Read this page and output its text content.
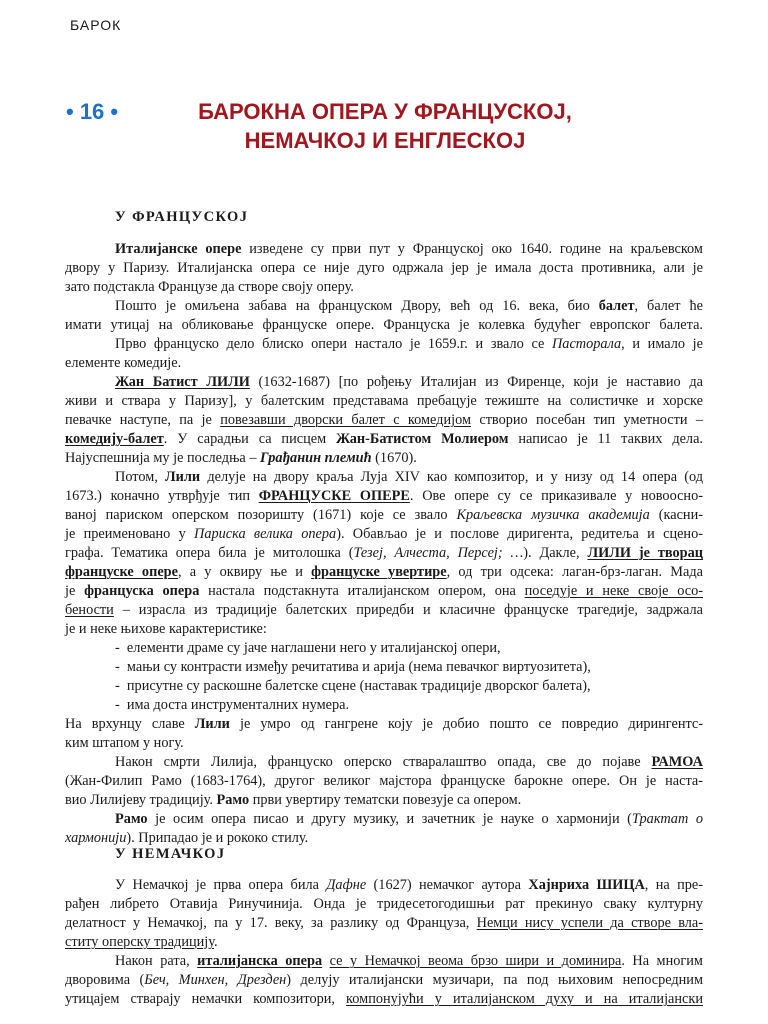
БАРОК
• 16 •	БАРОКНА ОПЕРА У ФРАНЦУСКОЈ,
НЕМАЧКОЈ И ЕНГЛЕСКОЈ
У ФРАНЦУСКОЈ
Италијанске опере изведене су први пут у Француској око 1640. године на краљевском
двору у Паризу. Италијанска опера се није дуго одржала јер је имала доста противника, али је
зато подстакла Французе да створе своју оперу.
Пошто је омиљена забава на француском Двору, већ од 16. века, био балет, балет ће
имати утицај на обликовање француске опере. Француска је колевка будућег европског балета.
Прво француско дело блиско опери настало је 1659.г. и звало се Пасторала, и имало је
елементе комедије.
Жан Батист ЛИЛИ (1632-1687) [по рођењу Италијан из Фиренце, који је наставио да
живи и ствара у Паризу], у балетским представама пребацује тежиште на солистичке и хорске
певачке наступе, па је повезавши дворски балет с комедијом створио посебан тип уметности –
комедију-балет. У сарадњи са писцем Жан-Батистом Молиером написао је 11 таквих дела.
Најуспешнија му је последња – Грађанин племић (1670).
Потом, Лили делује на двору краља Луја XIV као композитор, и у низу од 14 опера (од
1673.) коначно утврђује тип ФРАНЦУСКЕ ОПЕРЕ. Ове опере су се приказивале у новооснo-
ваној париском оперском позоришту (1671) које се звало Краљевска музичка академија (касни-
је преименовано у Париска велика опера). Обављао је и послове диригента, редитеља и сцено-
графа. Тематика опера била је митолошка (Тезеј, Алчеста, Персеј; …). Дакле, ЛИЛИ је творац
француске опере, а у оквиру ње и француске увертире, од три одсека: лаган-брз-лаган. Мада
је француска опера настала подстакнута италијанском опером, она поседује и неке своје осо-
бености – израсла из традиције балетских приредби и класичне француске трагедије, задржала
је и неке њихове карактеристике:
-  елементи драме су јаче наглашени него у италијанској опери,
-  мањи су контрасти између речитатива и арија (нема певачког виртуозитета),
-  присутне су раскошне балетске сцене (наставак традиције дворског балета),
-  има доста инструменталних нумера.
На врхунцу славе Лили је умро од гангрене коју је добио пошто се повредио дирингентс-
ким штапом у ногу.
Након смрти Лилија, француско оперско стваралаштво опада, све до појаве РАМОА
(Жан-Филип Рамо (1683-1764), другог великог мајстора француске барокне опере. Он је наста-
вио Лилијеву традицију. Рамо први увертиру тематски повезује са опером.
Рамо је осим опера писао и другу музику, и зачетник је науке о хармонији (Трактат о
хармонији). Припадао је и рококо стилу.
У НЕМАЧКОЈ
У Немачкој је прва опера била Дафне (1627) немачког аутора Хајнриха ШИЦА, на пре-
рађен либрето Отавија Ринучинија. Онда је тридесетогодишњи рат прекинуо сваку културну
делатност у Немачкој, па у 17. веку, за разлику од Француза, Немци нису успели да створе вла-
ститу оперску традицију.
Након рата, италијанска опера се у Немачкој веома брзо шири и доминира. На многим
дворовима (Беч, Минхен, Дрезден) делују италијански музичари, па под њиховим непосредним
утицајем стварају немачки композитори, компонујући у италијанском духу и на италијански
